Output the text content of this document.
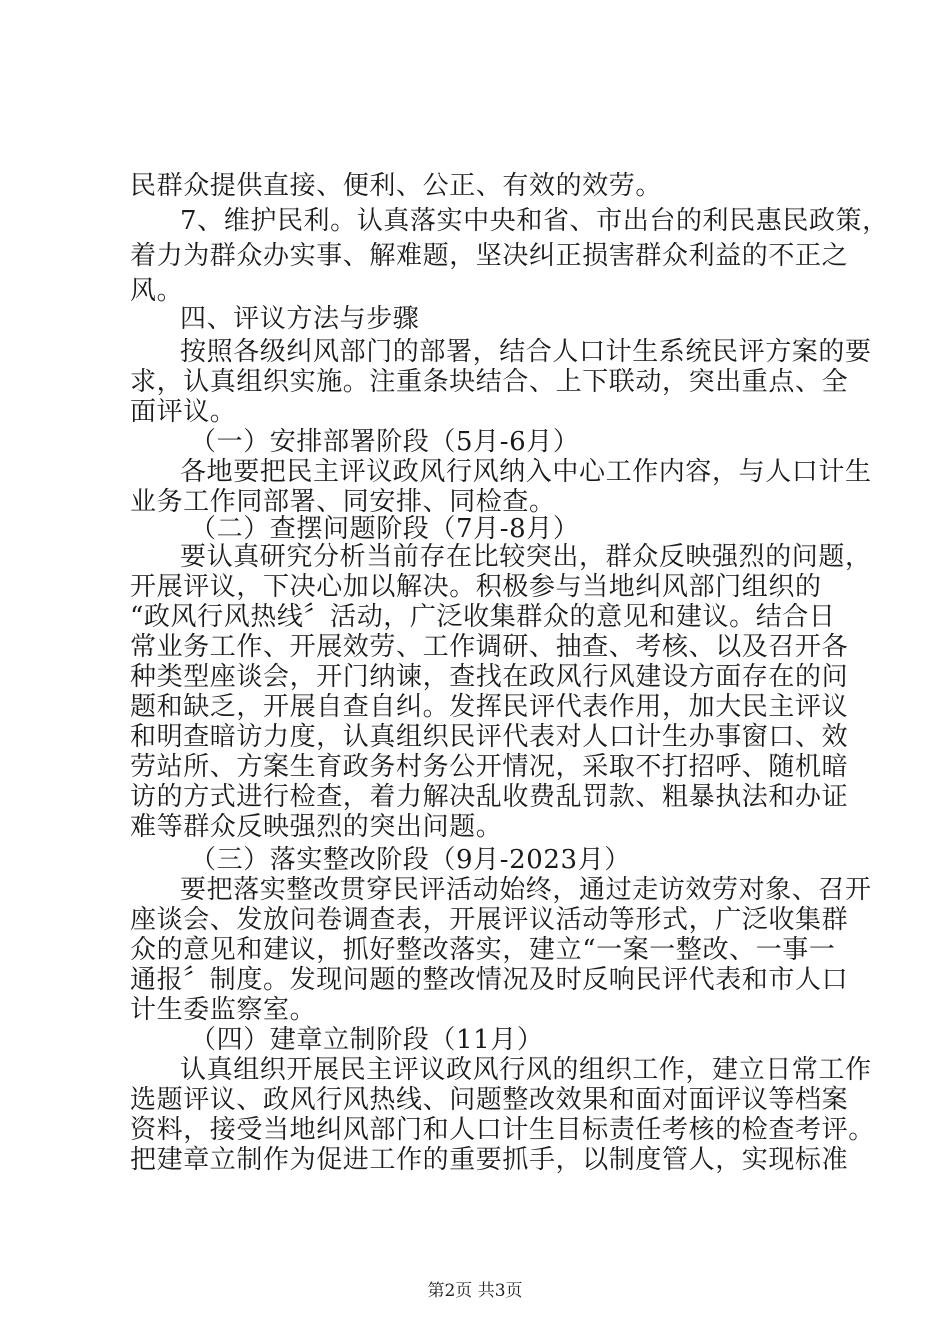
民群众提供直接、便利、公正、有效的效劳。
7、维护民利。认真落实中央和省、市出台的利民惠民政策，
着力为群众办实事、解难题，坚决纠正损害群众利益的不正之
风。
四、评议方法与步骤
按照各级纠风部门的部署，结合人口计生系统民评方案的要
求，认真组织实施。注重条块结合、上下联动，突出重点、全
面评议。
（一）安排部署阶段（5月-6月）
各地要把民主评议政风行风纳入中心工作内容，与人口计生
业务工作同部署、同安排、同检查。
（二）查摆问题阶段（7月-8月）
要认真研究分析当前存在比较突出，群众反映强烈的问题，
开展评议，下决心加以解决。积极参与当地纠风部门组织的
“政风行风热线〞活动，广泛收集群众的意见和建议。结合日
常业务工作、开展效劳、工作调研、抽查、考核、以及召开各
种类型座谈会，开门纳谏，查找在政风行风建设方面存在的问
题和缺乏，开展自查自纠。发挥民评代表作用，加大民主评议
和明查暗访力度，认真组织民评代表对人口计生办事窗口、效
劳站所、方案生育政务村务公开情况，采取不打招呼、随机暗
访的方式进行检查，着力解决乱收费乱罚款、粗暴执法和办证
难等群众反映强烈的突出问题。
（三）落实整改阶段（9月-2023月）
要把落实整改贯穿民评活动始终，通过走访效劳对象、召开
座谈会、发放问卷调查表，开展评议活动等形式，广泛收集群
众的意见和建议，抓好整改落实，建立“一案一整改、一事一
通报〞制度。发现问题的整改情况及时反响民评代表和市人口
计生委监察室。
（四）建章立制阶段（11月）
认真组织开展民主评议政风行风的组织工作，建立日常工作
选题评议、政风行风热线、问题整改效果和面对面评议等档案
资料，接受当地纠风部门和人口计生目标责任考核的检查考评。
把建章立制作为促进工作的重要抓手，以制度管人，实现标准
第2页 共3页
